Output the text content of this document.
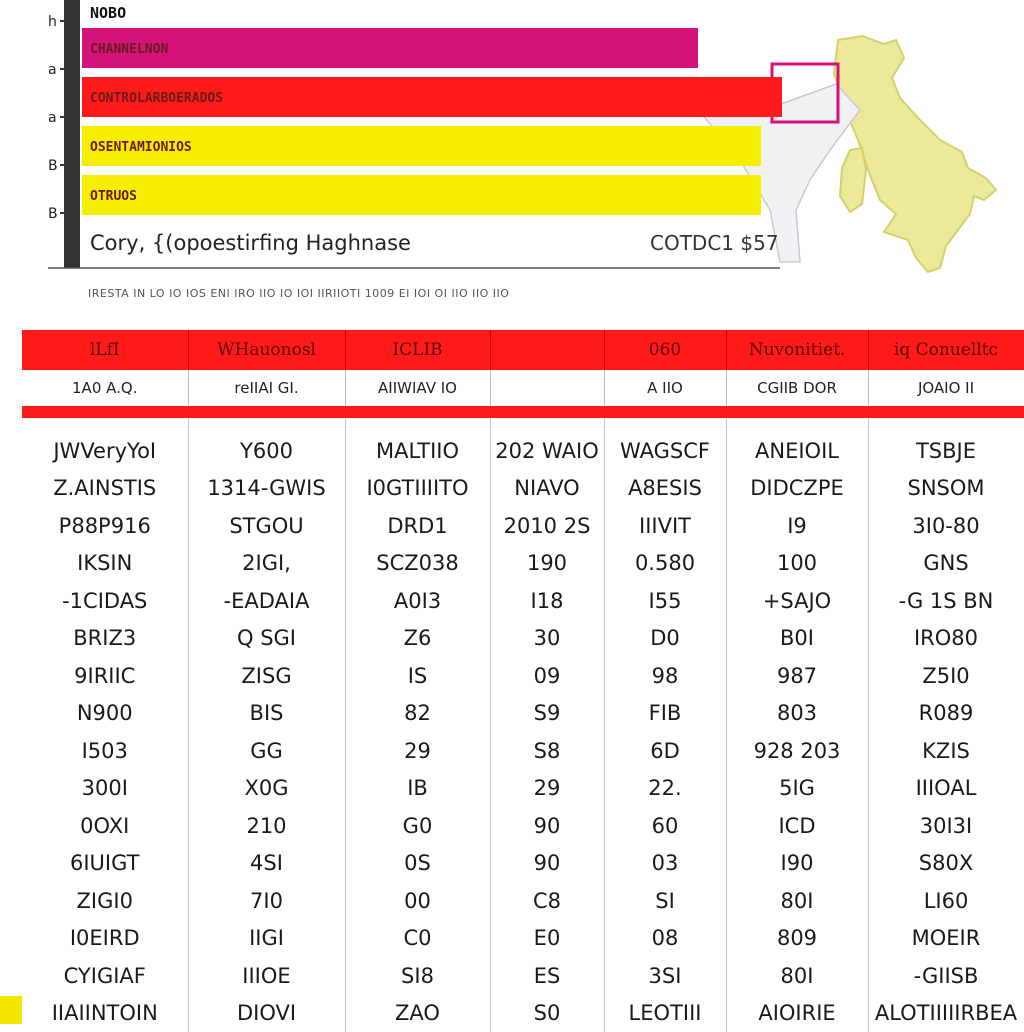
h
a
a
B
B
CHANNELNON
CONTROLARBOERADOS
OSENTAMIONIOS
OTRUOS
NOBO
Cory, {(opoestirfing Haghnase	COTDC1 $57
IRESTA IN LO IO IOS ENI IRO IIO IO IOI IIRIIOTI 1009 EI IOI OI IIO IIO IIO
lLfI	WHauonosl	ICLIB		060	Nuvonitiet.	iq Conuelltc
1A0 A.Q.	reIIAI GI.	AIIWIAV IO		A IIO	CGIIB DOR	JOAIO II
JWVeryYoI	Y600	MALTIIO	202 WAIO	WAGSCF	ANEIOIL	TSBJE
Z.AINSTIS	1314-GWIS	I0GTIIIITO	NIAVO	A8ESIS	DIDCZPE	SNSOM
P88P916	STGOU	DRD1	2010 2S	IIIVIT	I9	3I0-80
IKSIN	2IGI,	SCZ038	190	0.580	100	GNS
-1CIDAS	-EADAIA	A0I3	I18	I55	+SAJO	-G 1S BN
BRIZ3	Q SGI	Z6	30	D0	B0I	IRO80
9IRIIC	ZISG	IS	09	98	987	Z5I0
N900	BIS	82	S9	FIB	803	R089
I503	GG	29	S8	6D	928 203	KZIS
300I	X0G	IB	29	22.	5IG	IIIOAL
0OXI	210	G0	90	60	ICD	30I3I
6IUIGT	4SI	0S	90	03	I90	S80X
ZIGI0	7I0	00	C8	SI	80I	LI60
I0EIRD	IIGI	C0	E0	08	809	MOEIR
CYIGIAF	IIIOE	SI8	ES	3SI	80I	-GIISB
IIAIINTOIN	DIOVI	ZAO	S0	LEOTIII	AIOIRIE	ALOTIIIIIRBEA
